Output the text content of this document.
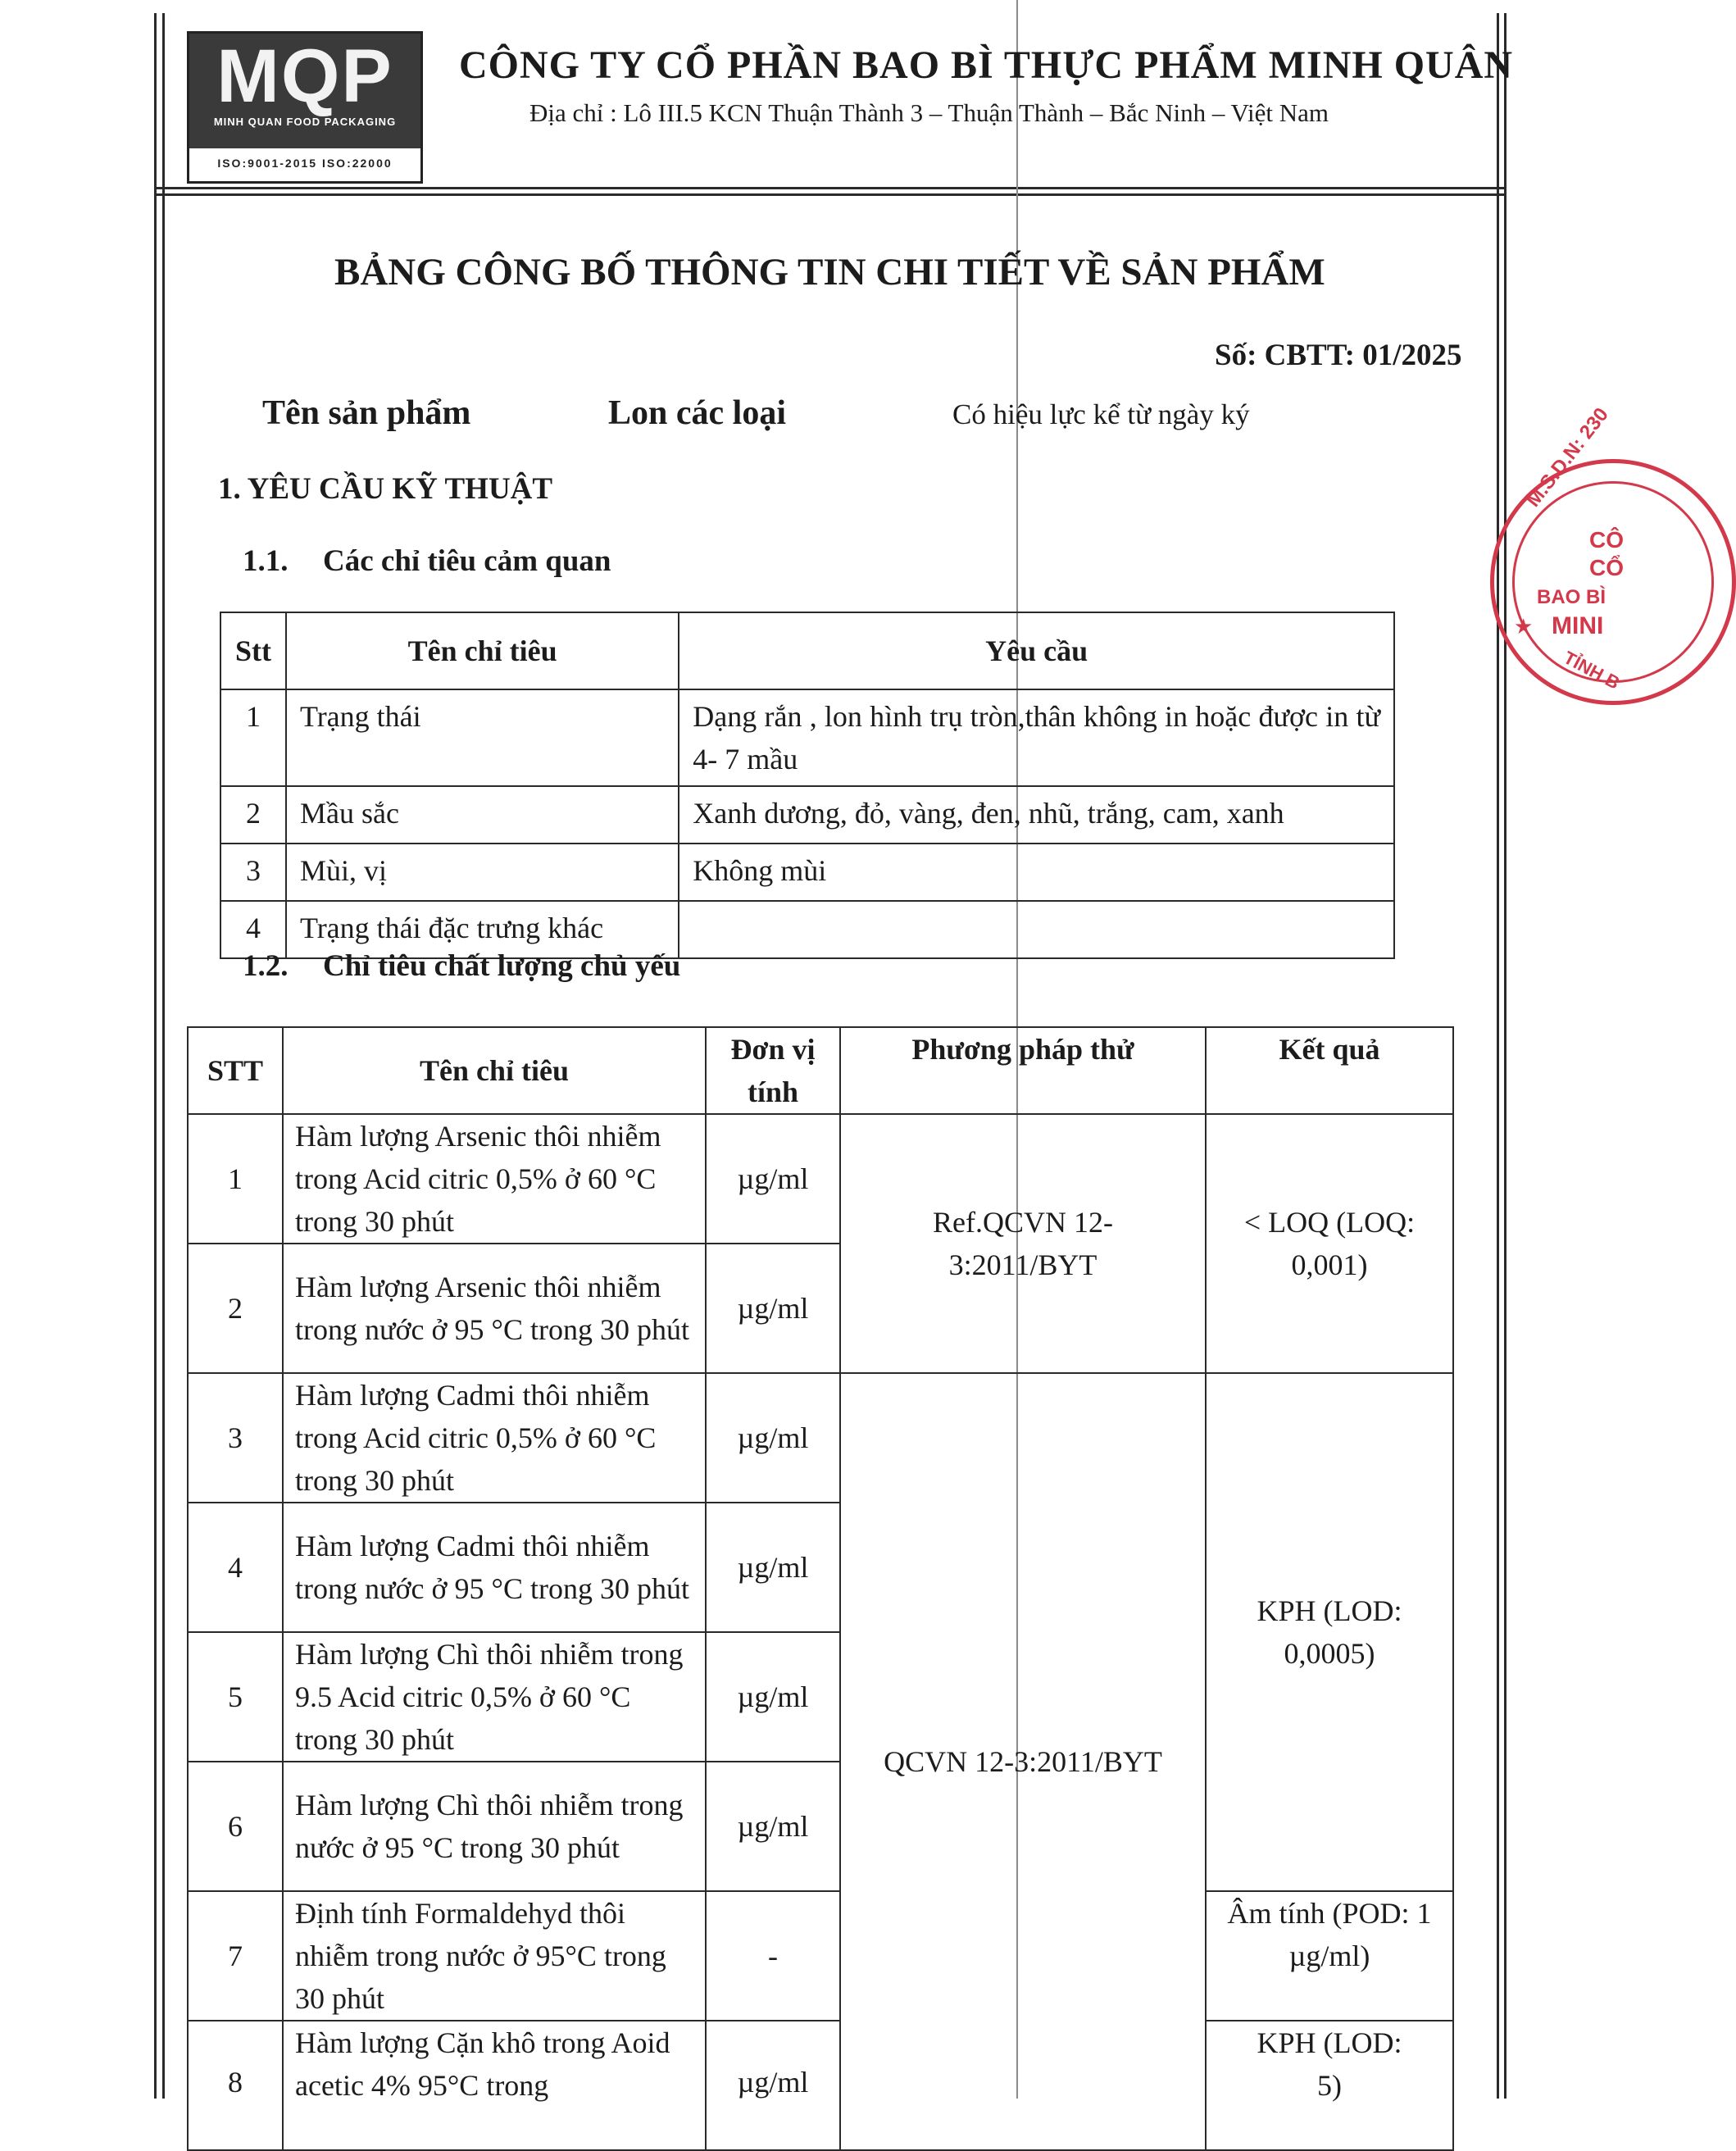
MQP
MINH QUAN FOOD PACKAGING
ISO:9001-2015 ISO:22000
CÔNG TY CỔ PHẦN BAO BÌ THỰC PHẨM MINH QUÂN
Địa chỉ : Lô III.5 KCN Thuận Thành 3 – Thuận Thành – Bắc Ninh – Việt Nam
BẢNG CÔNG BỐ THÔNG TIN CHI TIẾT VỀ SẢN PHẨM
Số: CBTT: 01/2025
Tên sản phẩm	Lon các loại	Có hiệu lực kể từ ngày ký
1. YÊU CẦU KỸ THUẬT
1.1. Các chỉ tiêu cảm quan
Stt	Tên chỉ tiêu	Yêu cầu
1	Trạng thái	Dạng rắn , lon hình trụ tròn,thân không in hoặc được in từ 4- 7 mầu
2	Mầu sắc	Xanh dương, đỏ, vàng, đen, nhũ, trắng, cam, xanh
3	Mùi, vị	Không mùi
4	Trạng thái đặc trưng khác	
1.2. Chỉ tiêu chất lượng chủ yếu
STT	Tên chỉ tiêu	Đơn vị tính	Phương pháp thử	Kết quả
1	Hàm lượng Arsenic thôi nhiễm trong Acid citric 0,5% ở 60 °C trong 30 phút	µg/ml	Ref.QCVN 12-3:2011/BYT	< LOQ (LOQ: 0,001)
2	Hàm lượng Arsenic thôi nhiễm trong nước ở 95 °C trong 30 phút	µg/ml		
3	Hàm lượng Cadmi thôi nhiễm trong Acid citric 0,5% ở 60 °C trong 30 phút	µg/ml	QCVN 12-3:2011/BYT	KPH (LOD: 0,0005)
4	Hàm lượng Cadmi thôi nhiễm trong nước ở 95 °C trong 30 phút	µg/ml		
5	Hàm lượng Chì thôi nhiễm trong 9.5 Acid citric 0,5% ở 60 °C trong 30 phút	µg/ml		
6	Hàm lượng Chì thôi nhiễm trong nước ở 95 °C trong 30 phút	µg/ml		
7	Định tính Formaldehyd thôi nhiễm trong nước ở 95°C trong 30 phút	-		Âm tính (POD: 1 µg/ml)
8	Hàm lượng Cặn khô trong Aoid acetic 4% 95°C trong	µg/ml		KPH (LOD: 5)
M.S.D.N: 230
CÔ
CỔ
BAO BÌ
★ MINI
TỈNH B
